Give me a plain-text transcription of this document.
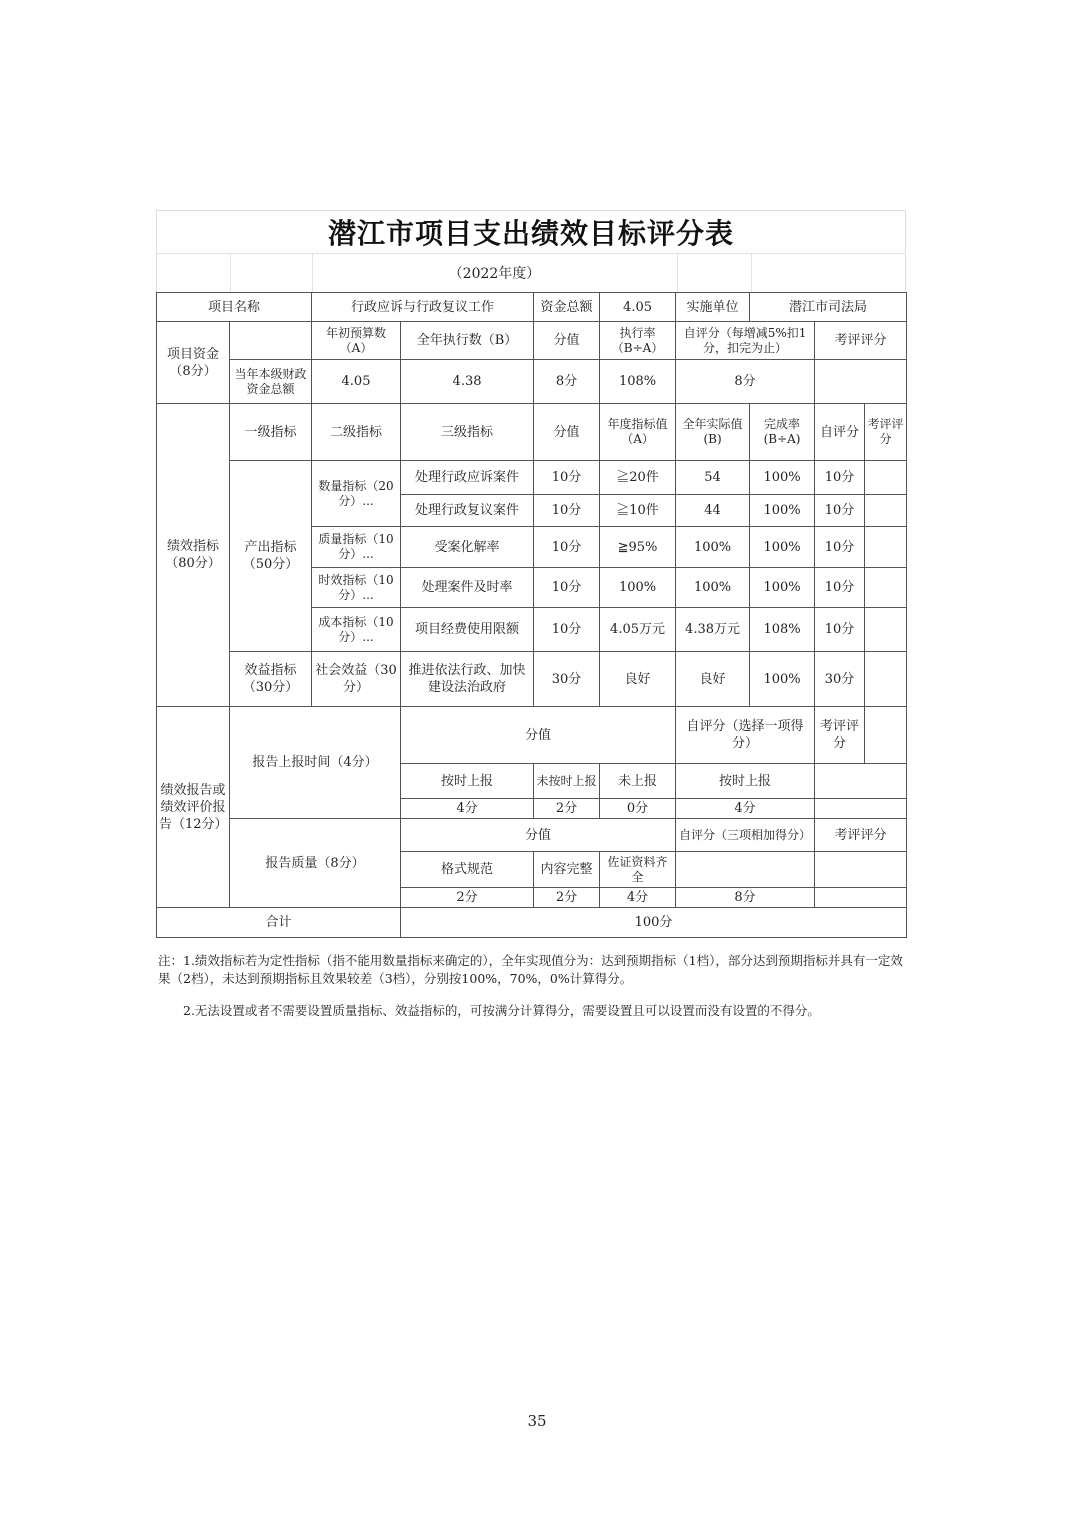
潜江市项目支出绩效目标评分表
（2022年度）
项目名称		行政应诉与行政复议工作		资金总额	4.05	实施单位	潜江市司法局		
项目资金（8分）		年初预算数（A）	全年执行数（B）	分值	执行率（B÷A）	自评分（每增减5%扣1分，扣完为止）		考评评分	
	当年本级财政资金总额	4.05	4.38	8分	108%	8分			
绩效指标（80分）	一级指标	二级指标	三级指标	分值	年度指标值（A）	全年实际值(B)	完成率(B÷A)	自评分	考评评分
	产出指标（50分）	数量指标（20分）...	处理行政应诉案件	10分	≧20件	54	100%	10分	
			处理行政复议案件	10分	≧10件	44	100%	10分	
		质量指标（10分）...	受案化解率	10分	≧95%	100%	100%	10分	
		时效指标（10分）...	处理案件及时率	10分	100%	100%	100%	10分	
		成本指标（10分）...	项目经费使用限额	10分	4.05万元	4.38万元	108%	10分	
	效益指标（30分）	社会效益（30分）	推进依法行政、加快建设法治政府	30分	良好	良好	100%	30分	

绩效报告或绩效评价报告（12分）	报告上报时间（4分）		分值			自评分（选择一项得分）		考评评分	
			按时上报	未按时上报	未上报	按时上报			
			4分	2分	0分	4分			
	报告质量（8分）		分值			自评分（三项相加得分）		考评评分	
			格式规范	内容完整	佐证资料齐全				
			2分	2分	4分	8分			

合计			100分						
注：1.绩效指标若为定性指标（指不能用数量指标来确定的），全年实现值分为：达到预期指标（1档），部分达到预期指标并具有一定效果（2档），未达到预期指标且效果较差（3档），分别按100%，70%，0%计算得分。
2.无法设置或者不需要设置质量指标、效益指标的，可按满分计算得分，需要设置且可以设置而没有设置的不得分。
35
